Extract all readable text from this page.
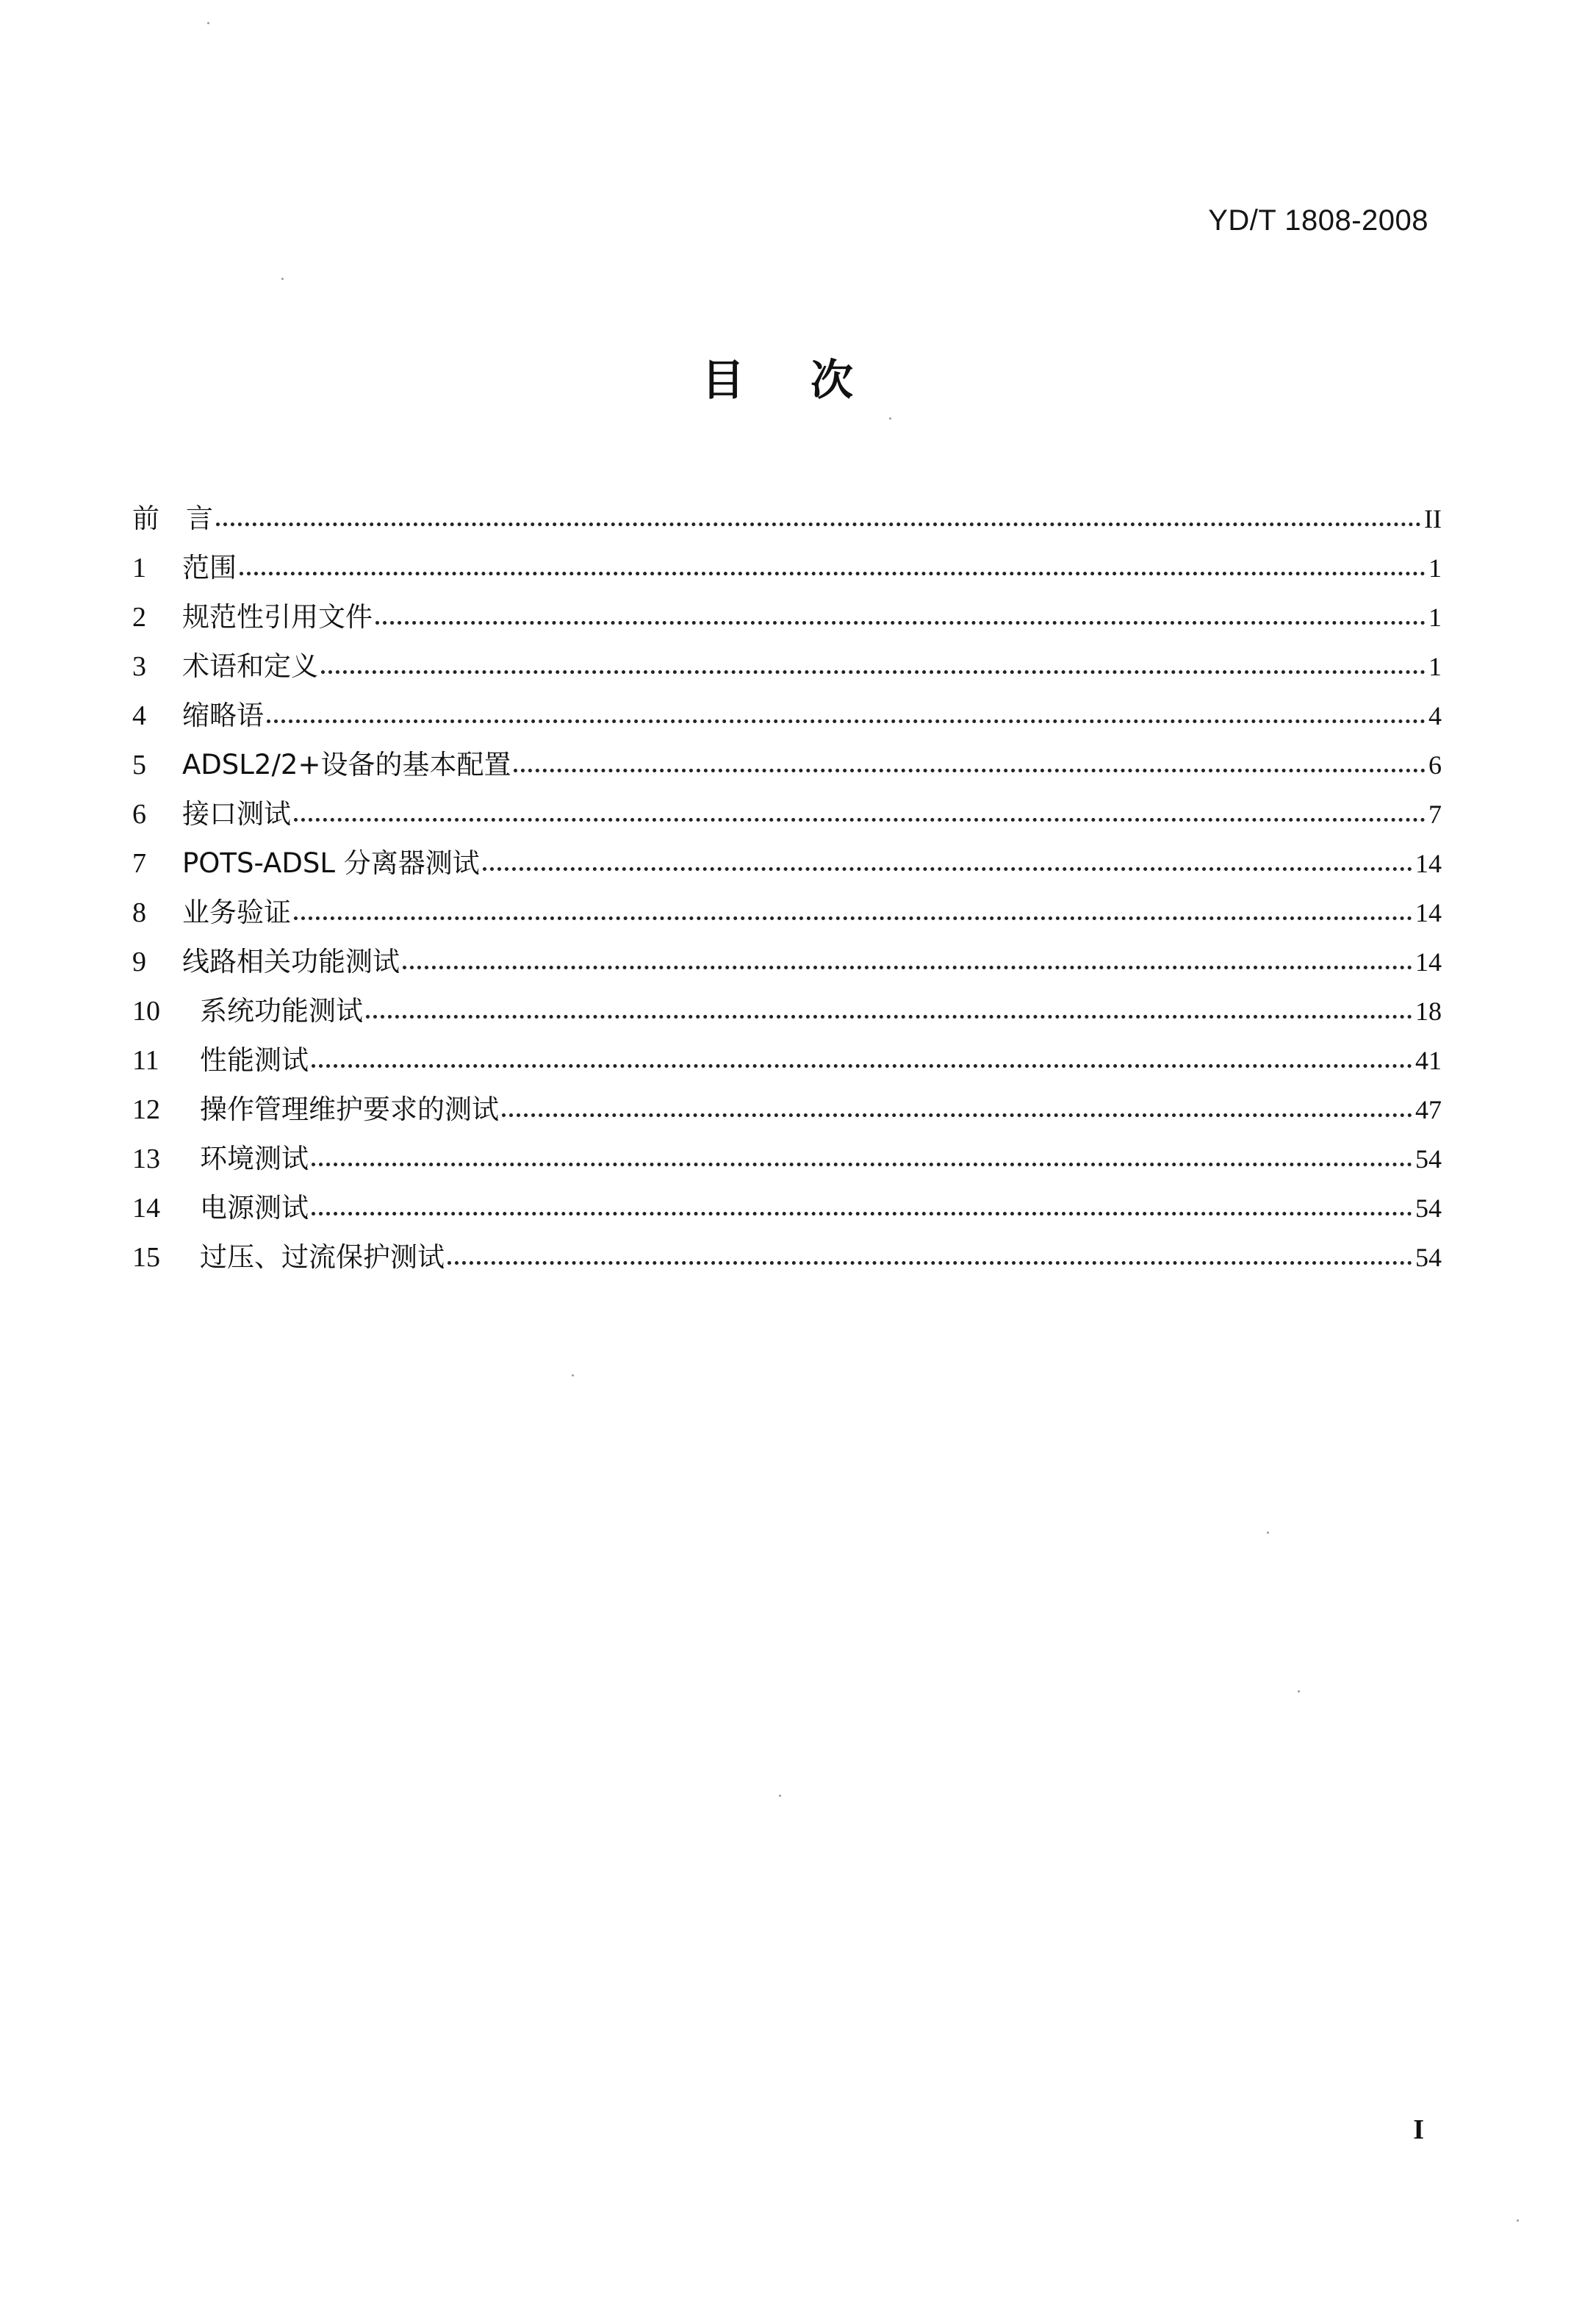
YD/T 1808-2008
目次
前言	II
1	范围	1
2	规范性引用文件	1
3	术语和定义	1
4	缩略语	4
5	ADSL2/2+设备的基本配置	6
6	接口测试	7
7	POTS-ADSL 分离器测试	14
8	业务验证	14
9	线路相关功能测试	14
10	系统功能测试	18
11	性能测试	41
12	操作管理维护要求的测试	47
13	环境测试	54
14	电源测试	54
15	过压、过流保护测试	54
I
